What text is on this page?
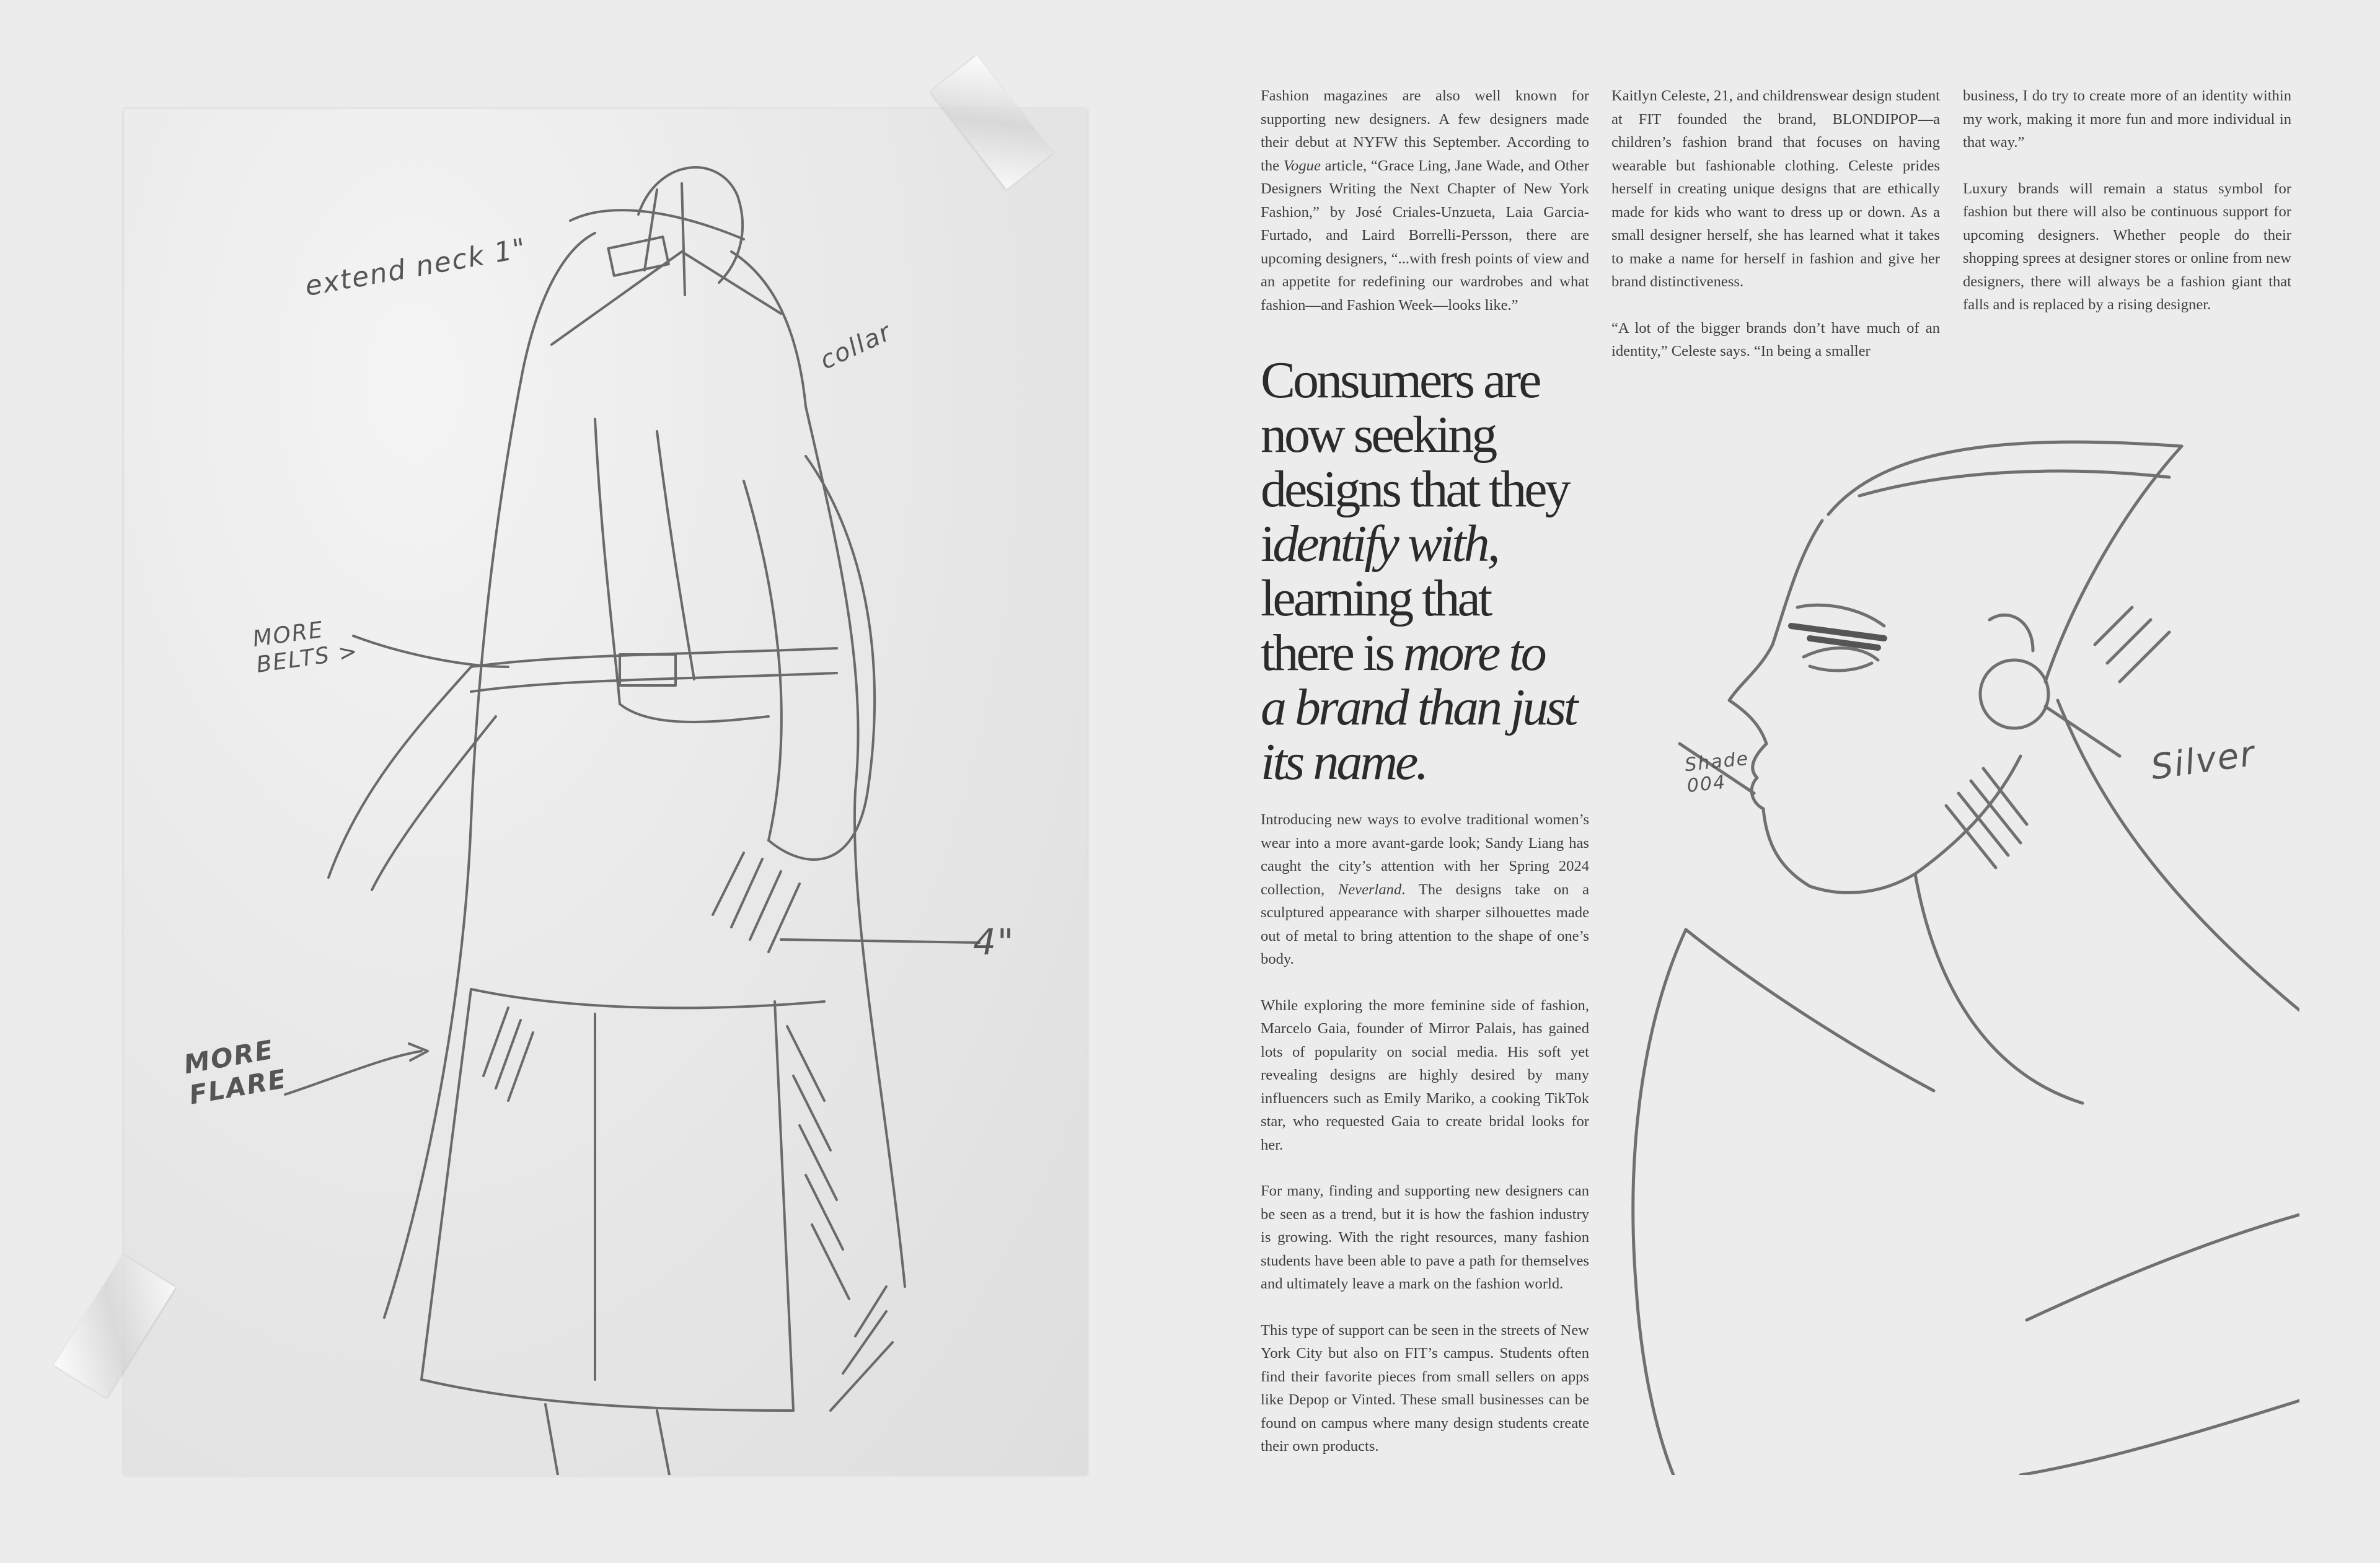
extend neck 1"
collar
MORE BELTS >
4"
MORE FLARE

Fashion magazines are also well known for supporting new designers. A few designers made their debut at NYFW this September. According to the Vogue article, “Grace Ling, Jane Wade, and Other Designers Writing the Next Chapter of New York Fashion,” by José Criales-Unzueta, Laia Garcia-Furtado, and Laird Borrelli-Persson, there are upcoming designers, “...with fresh points of view and an appetite for redefining our wardrobes and what fashion—and Fashion Week—looks like.”

Kaitlyn Celeste, 21, and childrenswear design student at FIT founded the brand, BLONDIPOP—a children’s fashion brand that focuses on having wearable but fashionable clothing. Celeste prides herself in creating unique designs that are ethically made for kids who want to dress up or down. As a small designer herself, she has learned what it takes to make a name for herself in fashion and give her brand distinctiveness.

“A lot of the bigger brands don’t have much of an identity,” Celeste says. “In being a smaller

business, I do try to create more of an identity within my work, making it more fun and more individual in that way.”

Luxury brands will remain a status symbol for fashion but there will also be continuous support for upcoming designers. Whether people do their shopping sprees at designer stores or online from new designers, there will always be a fashion giant that falls and is replaced by a rising designer.

Consumers are
now seeking
designs that they
identify with,
learning that
there is more to
a brand than just
its name.

Introducing new ways to evolve traditional women’s wear into a more avant-garde look; Sandy Liang has caught the city’s attention with her Spring 2024 collection, Neverland. The designs take on a sculptured appearance with sharper silhouettes made out of metal to bring attention to the shape of one’s body.

While exploring the more feminine side of fashion, Marcelo Gaia, founder of Mirror Palais, has gained lots of popularity on social media. His soft yet revealing designs are highly desired by many influencers such as Emily Mariko, a cooking TikTok star, who requested Gaia to create bridal looks for her.

For many, finding and supporting new designers can be seen as a trend, but it is how the fashion industry is growing. With the right resources, many fashion students have been able to pave a path for themselves and ultimately leave a mark on the fashion world.

This type of support can be seen in the streets of New York City but also on FIT’s campus. Students often find their favorite pieces from small sellers on apps like Depop or Vinted. These small businesses can be found on campus where many design students create their own products.

Shade 004	Silver
